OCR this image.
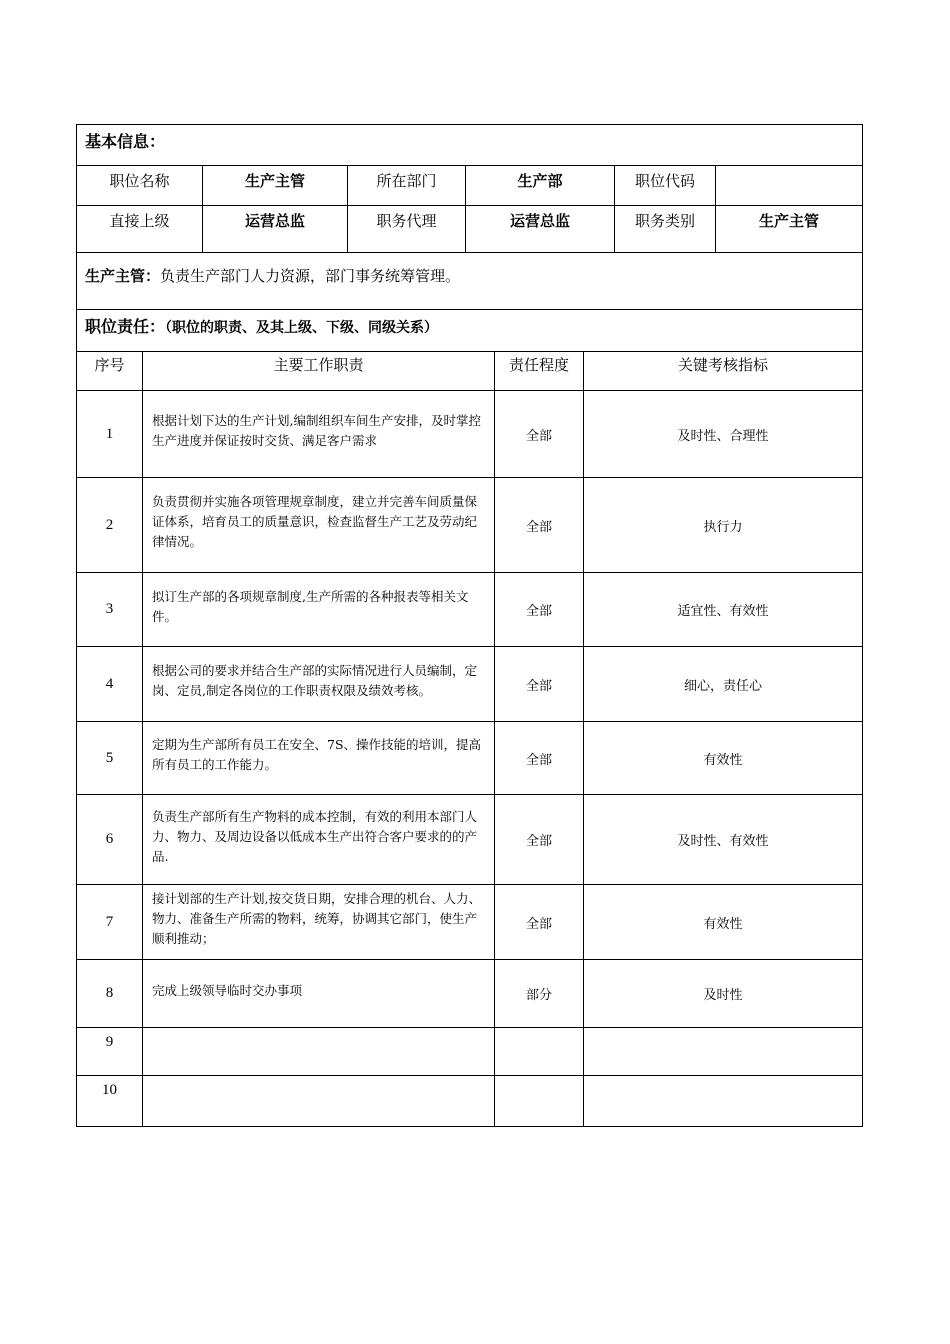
基本信息：					
职位名称	生产主管	所在部门	生产部	职位代码	
直接上级	运营总监	职务代理	运营总监	职务类别	生产主管
生产主管：负责生产部门人力资源，部门事务统筹管理。					
职位责任：（职位的职责、及其上级、下级、同级关系）					
序号	主要工作职责	责任程度	关键考核指标
1	根据计划下达的生产计划,编制组织车间生产安排，及时掌控生产进度并保证按时交货、满足客户需求	全部	及时性、合理性
2	负责贯彻并实施各项管理规章制度，建立并完善车间质量保证体系，培育员工的质量意识，检查监督生产工艺及劳动纪律情况。	全部	执行力
3	拟订生产部的各项规章制度,生产所需的各种报表等相关文件。	全部	适宜性、有效性
4	根据公司的要求并结合生产部的实际情况进行人员编制，定岗、定员,制定各岗位的工作职责权限及绩效考核。	全部	细心，责任心
5	定期为生产部所有员工在安全、7S、操作技能的培训，提高所有员工的工作能力。	全部	有效性
6	负责生产部所有生产物料的成本控制，有效的利用本部门人力、物力、及周边设备以低成本生产出符合客户要求的的产品.	全部	及时性、有效性
7	接计划部的生产计划,按交货日期，安排合理的机台、人力、物力、准备生产所需的物料，统筹，协调其它部门，使生产顺利推动；	全部	有效性
8	完成上级领导临时交办事项	部分	及时性
9			
10			
